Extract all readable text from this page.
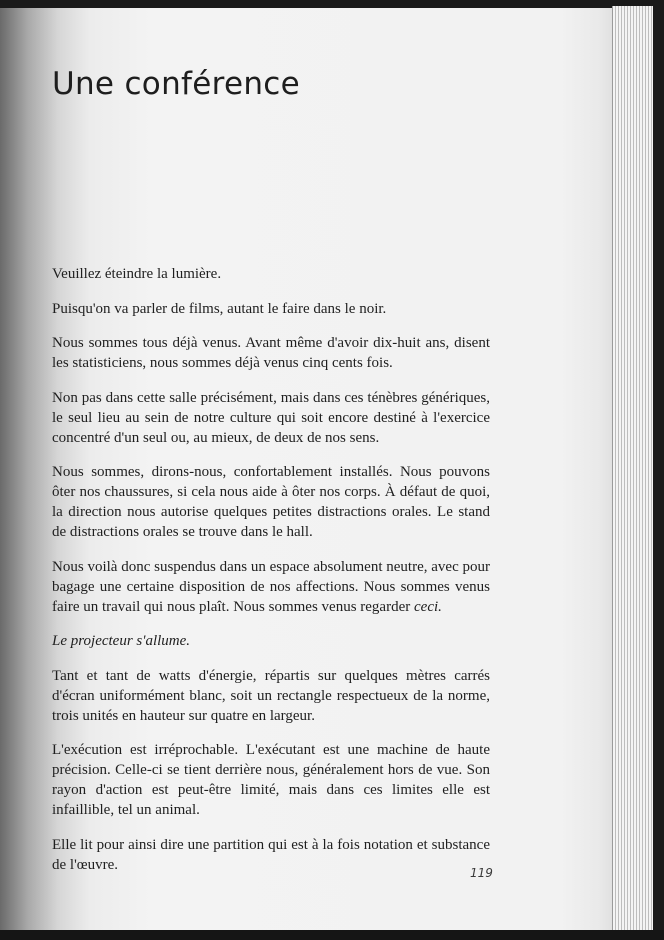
Une conférence

Veuillez éteindre la lumière.

Puisqu'on va parler de films, autant le faire dans le noir.

Nous sommes tous déjà venus. Avant même d'avoir dix-huit ans, disent les statisticiens, nous sommes déjà venus cinq cents fois.

Non pas dans cette salle précisément, mais dans ces ténèbres génériques, le seul lieu au sein de notre culture qui soit encore destiné à l'exercice concentré d'un seul ou, au mieux, de deux de nos sens.

Nous sommes, dirons-nous, confortablement installés. Nous pouvons ôter nos chaussures, si cela nous aide à ôter nos corps. À défaut de quoi, la direction nous autorise quelques petites distractions orales. Le stand de distractions orales se trouve dans le hall.

Nous voilà donc suspendus dans un espace absolument neutre, avec pour bagage une certaine disposition de nos affections. Nous sommes venus faire un travail qui nous plaît. Nous sommes venus regarder ceci.

Le projecteur s'allume.

Tant et tant de watts d'énergie, répartis sur quelques mètres carrés d'écran uniformément blanc, soit un rectangle respectueux de la norme, trois unités en hauteur sur quatre en largeur.

L'exécution est irréprochable. L'exécutant est une machine de haute précision. Celle-ci se tient derrière nous, généralement hors de vue. Son rayon d'action est peut-être limité, mais dans ces limites elle est infaillible, tel un animal.

Elle lit pour ainsi dire une partition qui est à la fois notation et substance de l'œuvre.

119
